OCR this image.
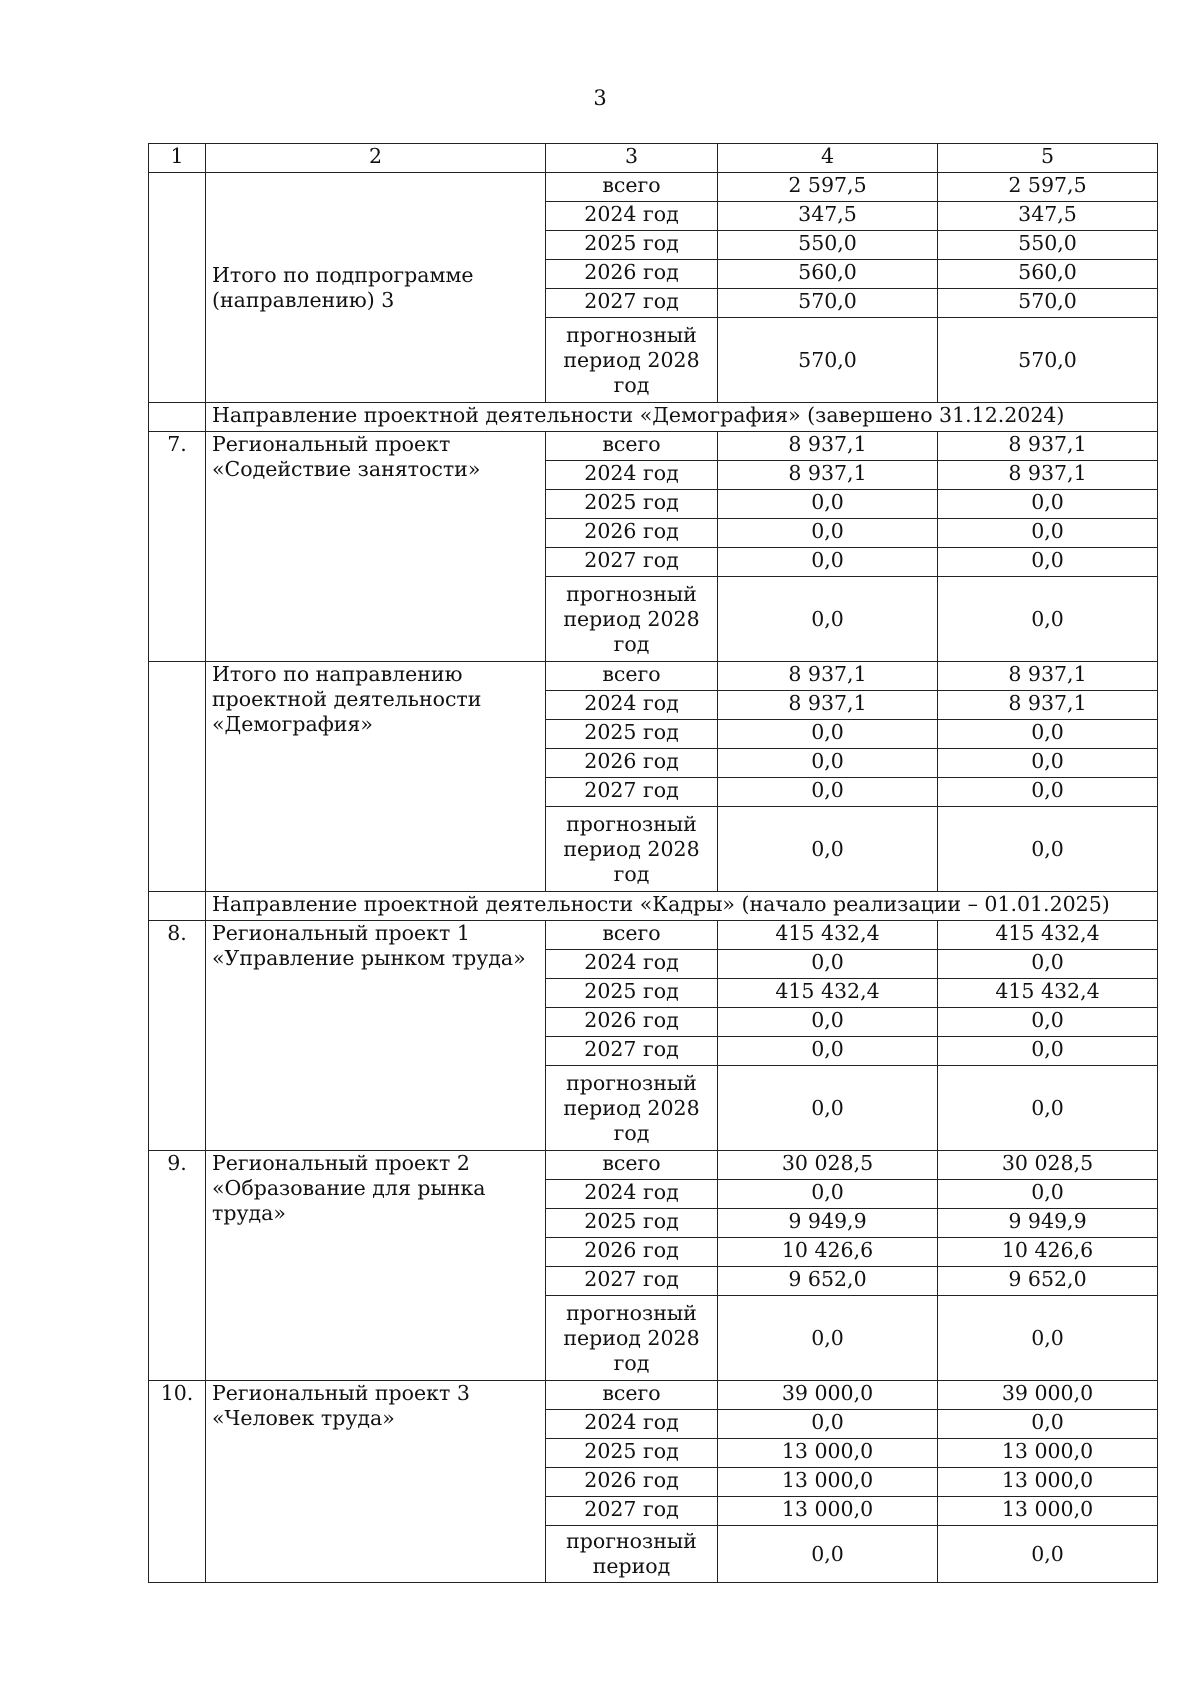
3
1	2	3	4	5
	Итого по подпрограмме (направлению) 3	всего	2 597,5	2 597,5
		2024 год	347,5	347,5
		2025 год	550,0	550,0
		2026 год	560,0	560,0
		2027 год	570,0	570,0
		прогнозный период 2028 год	570,0	570,0
	Направление проектной деятельности «Демография» (завершено 31.12.2024)			
7.	Региональный проект «Содействие занятости»	всего	8 937,1	8 937,1
		2024 год	8 937,1	8 937,1
		2025 год	0,0	0,0
		2026 год	0,0	0,0
		2027 год	0,0	0,0
		прогнозный период 2028 год	0,0	0,0
	Итого по направлению проектной деятельности «Демография»	всего	8 937,1	8 937,1
		2024 год	8 937,1	8 937,1
		2025 год	0,0	0,0
		2026 год	0,0	0,0
		2027 год	0,0	0,0
		прогнозный период 2028 год	0,0	0,0
	Направление проектной деятельности «Кадры» (начало реализации – 01.01.2025)			
8.	Региональный проект 1 «Управление рынком труда»	всего	415 432,4	415 432,4
		2024 год	0,0	0,0
		2025 год	415 432,4	415 432,4
		2026 год	0,0	0,0
		2027 год	0,0	0,0
		прогнозный период 2028 год	0,0	0,0
9.	Региональный проект 2 «Образование для рынка труда»	всего	30 028,5	30 028,5
		2024 год	0,0	0,0
		2025 год	9 949,9	9 949,9
		2026 год	10 426,6	10 426,6
		2027 год	9 652,0	9 652,0
		прогнозный период 2028 год	0,0	0,0
10.	Региональный проект 3 «Человек труда»	всего	39 000,0	39 000,0
		2024 год	0,0	0,0
		2025 год	13 000,0	13 000,0
		2026 год	13 000,0	13 000,0
		2027 год	13 000,0	13 000,0
		прогнозный период	0,0	0,0
